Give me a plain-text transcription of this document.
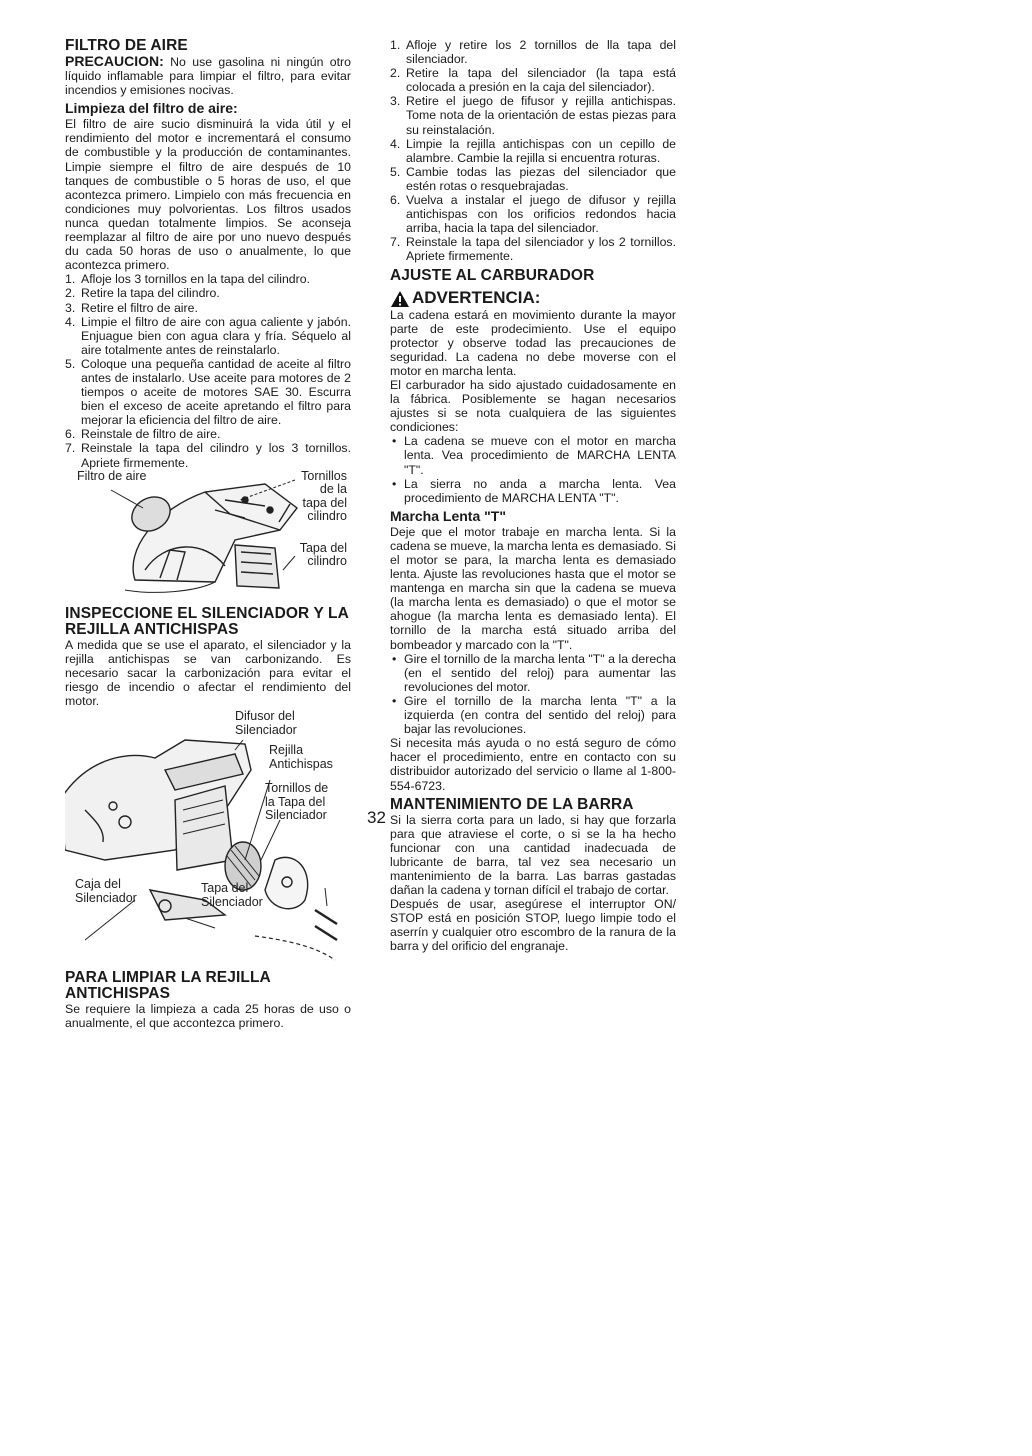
FILTRO DE AIRE

PRECAUCION: No use gasolina ni ningún otro líquido inflamable para limpiar el filtro, para evitar incendios y emisiones nocivas.

Limpieza del filtro de aire:

El filtro de aire sucio disminuirá la vida útil y el rendimiento del motor e incrementará el consumo de combustible y la producción de contaminantes. Limpie siempre el filtro de aire después de 10 tanques de combustible o 5 horas de uso, el que acontezca primero. Limpielo con más frecuencia en condiciones muy polvorientas. Los filtros usados nunca quedan totalmente limpios. Se aconseja reemplazar al filtro de aire por uno nuevo después du cada 50 horas de uso o anualmente, lo que acontezca primero.

1. Afloje los 3 tornillos en la tapa del cilindro.
2. Retire la tapa del cilindro.
3. Retire el filtro de aire.
4. Limpie el filtro de aire con agua caliente y jabón. Enjuague bien con agua clara y fría. Séquelo al aire totalmente antes de reinstalarlo.
5. Coloque una pequeña cantidad de aceite al filtro antes de instalarlo. Use aceite para motores de 2 tiempos o aceite de motores SAE 30. Escurra bien el exceso de aceite apretando el filtro para mejorar la eficiencia del filtro de aire.
6. Reinstale de filtro de aire.
7. Reinstale la tapa del cilindro y los 3 tornillos. Apriete firmemente.
Filtro de aire	Tornillos
de la
tapa del
cilindro
Tapa del
cilindro
INSPECCIONE EL SILENCIADOR Y LA REJILLA ANTICHISPAS

A medida que se use el aparato, el silenciador y la rejilla antichispas se van carbonizando. Es necesario sacar la carbonización para evitar el riesgo de incendio o afectar el rendimiento del motor.

Difusor del
Silenciador
Rejilla
Antichispas
Tornillos de
la Tapa del
Silenciador
Caja del
Silenciador
Tapa del
Silenciador
PARA LIMPIAR LA REJILLA ANTICHISPAS

Se requiere la limpieza a cada 25 horas de uso o anualmente, el que accontezca primero.

1. Afloje y retire los 2 tornillos de lla tapa del silenciador.
2. Retire la tapa del silenciador (la tapa está colocada a presión en la caja del silenciador).
3. Retire el juego de fifusor y rejilla antichispas. Tome nota de la orientación de estas piezas para su reinstalación.
4. Limpie la rejilla antichispas con un cepillo de alambre. Cambie la rejilla si encuentra roturas.
5. Cambie todas las piezas del silenciador que estén rotas o resquebrajadas.
6. Vuelva a instalar el juego de difusor y rejilla antichispas con los orificios redondos hacia arriba, hacia la tapa del silenciador.
7. Reinstale la tapa del silenciador y los 2 tornillos. Apriete firmemente.
AJUSTE AL CARBURADOR
ADVERTENCIA:

La cadena estará en movimiento durante la mayor parte de este prodecimiento. Use el equipo protector y observe todad las precauciones de seguridad. La cadena no debe moverse con el motor en marcha lenta.

El carburador ha sido ajustado cuidadosamente en la fábrica. Posiblemente se hagan necesarios ajustes si se nota cualquiera de las siguientes condiciones:

• La cadena se mueve con el motor en marcha lenta. Vea procedimiento de MARCHA LENTA "T".
• La sierra no anda a marcha lenta. Vea procedimiento de MARCHA LENTA "T".
Marcha Lenta "T"

Deje que el motor trabaje en marcha lenta. Si la cadena se mueve, la marcha lenta es demasiado. Si el motor se para, la marcha lenta es demasiado lenta. Ajuste las revoluciones hasta que el motor se mantenga en marcha sin que la cadena se mueva (la marcha lenta es demasiado) o que el motor se ahogue (la marcha lenta es demasiado lenta). El tornillo de la marcha está situado arriba del bombeador y marcado con la "T".

• Gire el tornillo de la marcha lenta "T" a la derecha (en el sentido del reloj) para aumentar las revoluciones del motor.
• Gire el tornillo de la marcha lenta "T" a la izquierda (en contra del sentido del reloj) para bajar las revoluciones.

Si necesita más ayuda o no está seguro de cómo hacer el procedimiento, entre en contacto con su distribuidor autorizado del servicio o llame al 1-800-554-6723.

MANTENIMIENTO DE LA BARRA

Si la sierra corta para un lado, si hay que forzarla para que atraviese el corte, o si se la ha hecho funcionar con una cantidad inadecuada de lubricante de barra, tal vez sea necesario un mantenimiento de la barra. Las barras gastadas dañan la cadena y tornan difícil el trabajo de cortar.

Después de usar, asegúrese el interruptor ON/ STOP está en posición STOP, luego limpie todo el aserrín y cualquier otro escombro de la ranura de la barra y del orificio del engranaje.

32
